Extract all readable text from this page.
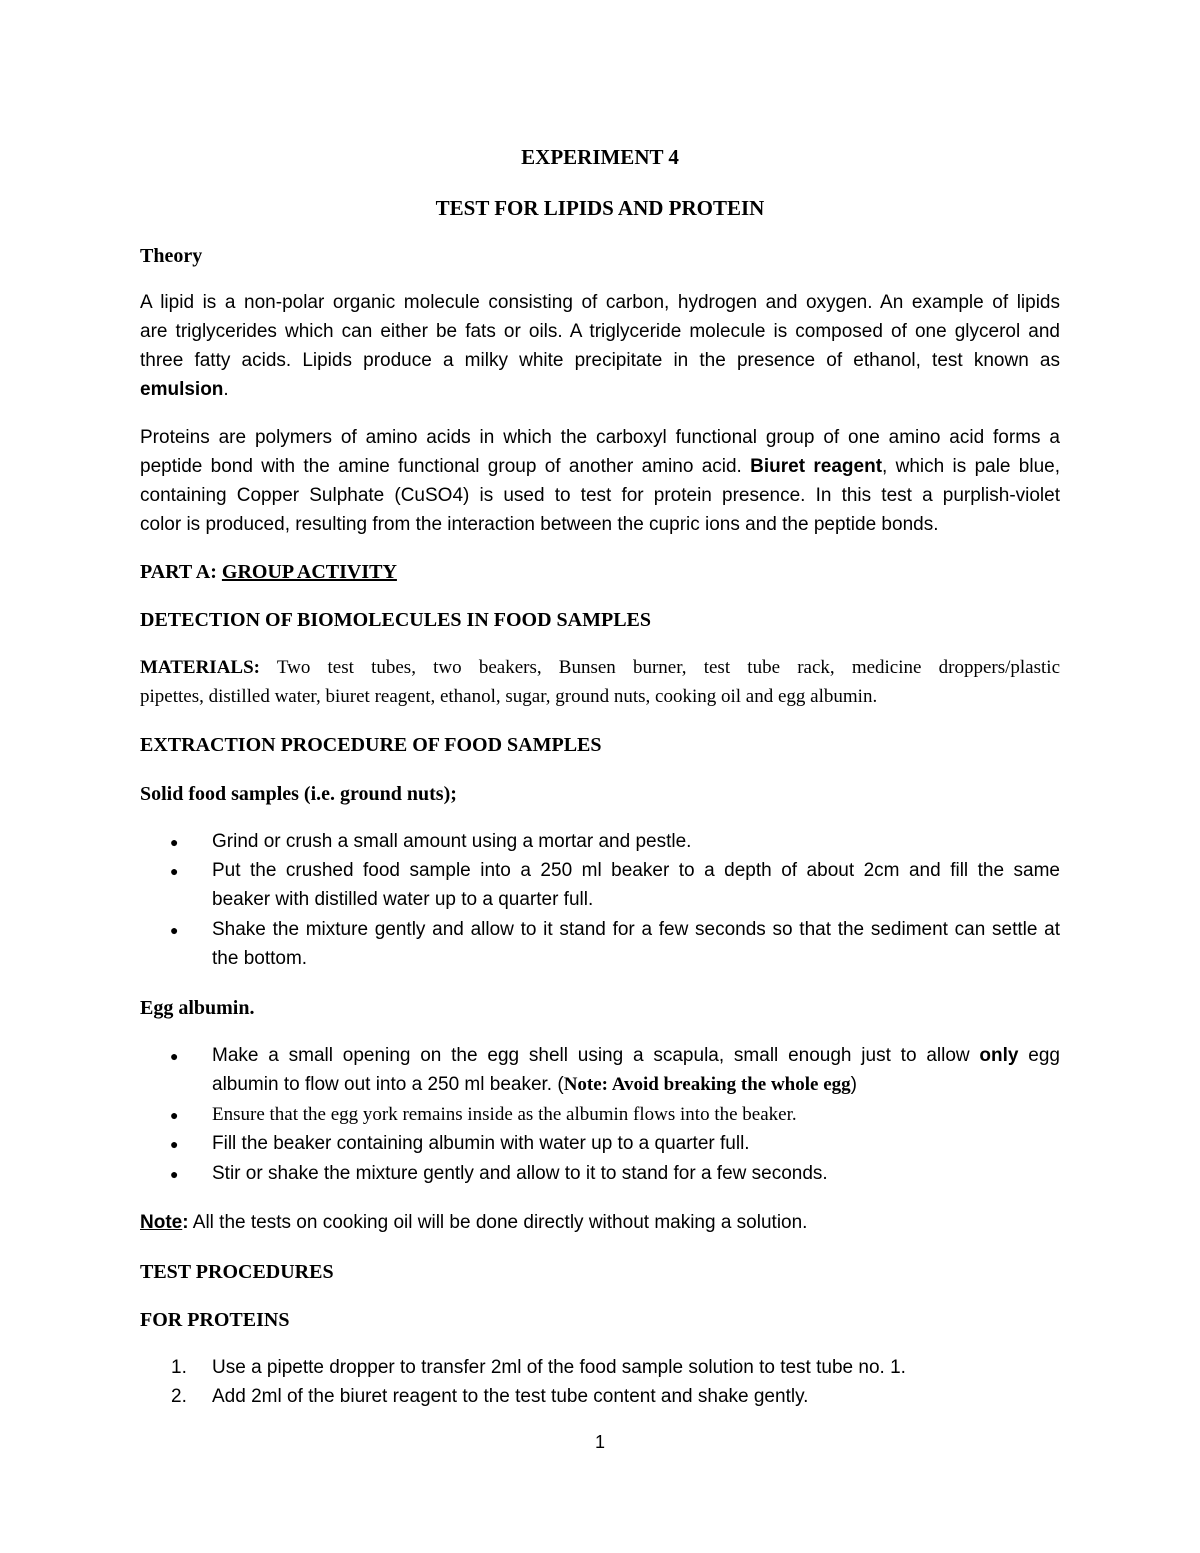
EXPERIMENT 4
TEST FOR LIPIDS AND PROTEIN
Theory
A lipid is a non-polar organic molecule consisting of carbon, hydrogen and oxygen. An example of lipids
are triglycerides which can either be fats or oils. A triglyceride molecule is composed of one glycerol and
three fatty acids. Lipids produce a milky white precipitate in the presence of ethanol, test known as
emulsion.
Proteins are polymers of amino acids in which the carboxyl functional group of one amino acid forms a
peptide bond with the amine functional group of another amino acid. Biuret reagent, which is pale blue,
containing Copper Sulphate (CuSO4) is used to test for protein presence. In this test a purplish-violet
color is produced, resulting from the interaction between the cupric ions and the peptide bonds.
PART A: GROUP ACTIVITY
DETECTION OF BIOMOLECULES IN FOOD SAMPLES
MATERIALS: Two test tubes, two beakers, Bunsen burner, test tube rack, medicine droppers/plastic
pipettes, distilled water, biuret reagent, ethanol, sugar, ground nuts, cooking oil and egg albumin.
EXTRACTION PROCEDURE OF FOOD SAMPLES
Solid food samples (i.e. ground nuts);
● Grind or crush a small amount using a mortar and pestle.
● Put the crushed food sample into a 250 ml beaker to a depth of about 2cm and fill the same
beaker with distilled water up to a quarter full.
● Shake the mixture gently and allow to it stand for a few seconds so that the sediment can settle at
the bottom.
Egg albumin.
● Make a small opening on the egg shell using a scapula, small enough just to allow only egg
albumin to flow out into a 250 ml beaker. (Note: Avoid breaking the whole egg)
● Ensure that the egg york remains inside as the albumin flows into the beaker.
● Fill the beaker containing albumin with water up to a quarter full.
● Stir or shake the mixture gently and allow to it to stand for a few seconds.
Note: All the tests on cooking oil will be done directly without making a solution.
TEST PROCEDURES
FOR PROTEINS
1. Use a pipette dropper to transfer 2ml of the food sample solution to test tube no. 1.
2. Add 2ml of the biuret reagent to the test tube content and shake gently.
1
